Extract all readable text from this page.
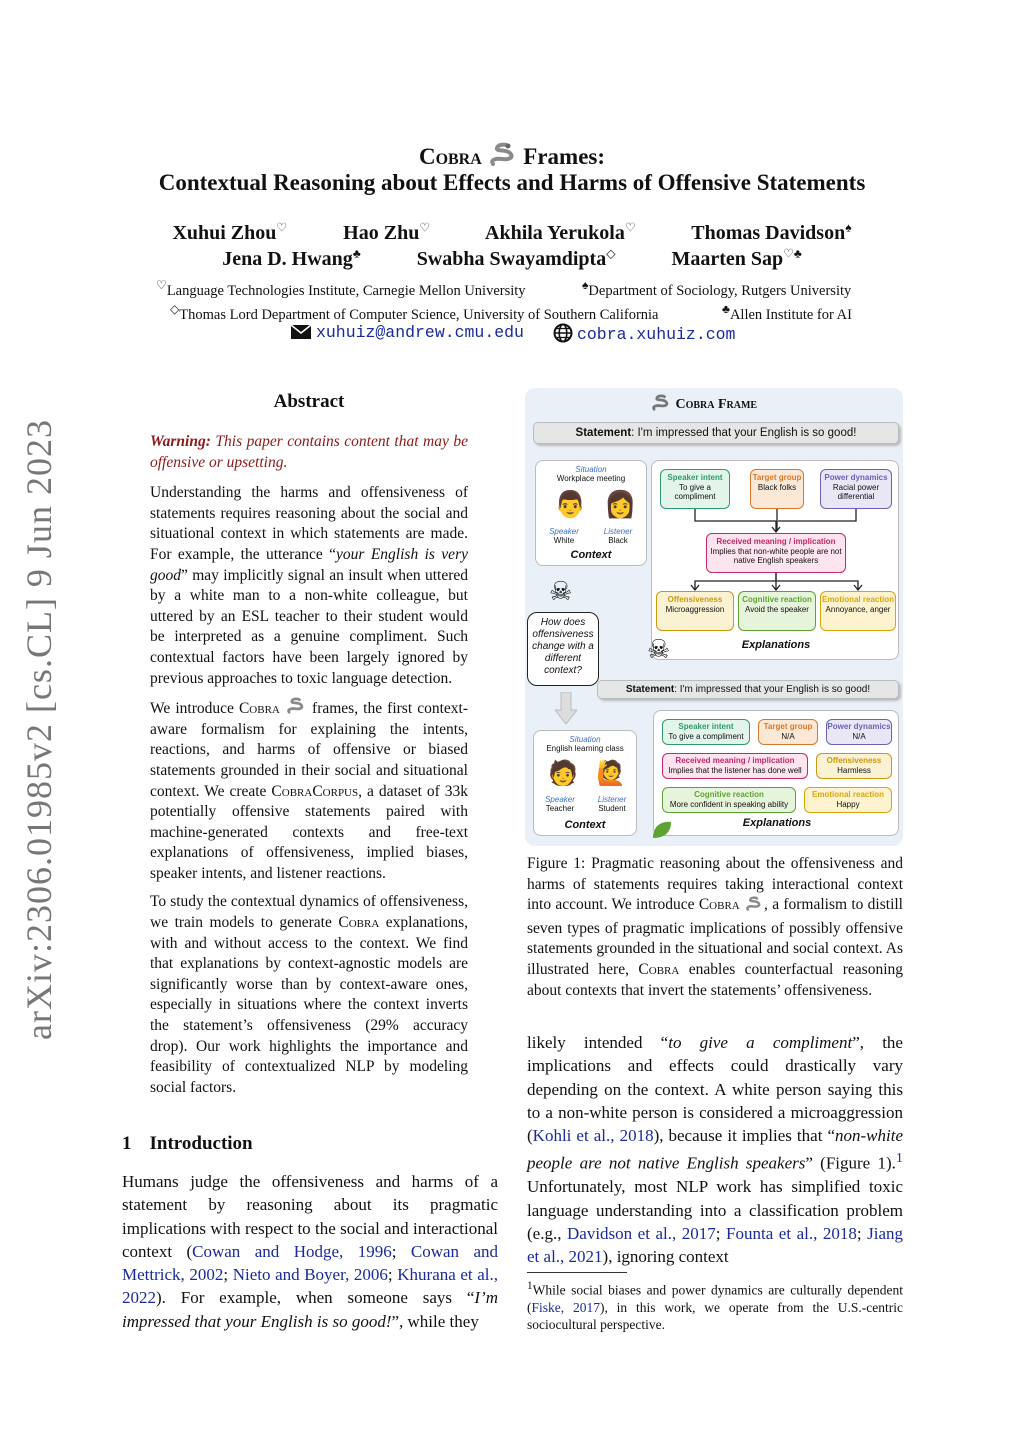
arXiv:2306.01985v2 [cs.CL] 9 Jun 2023
Cobra Frames:
Contextual Reasoning about Effects and Harms of Offensive Statements
Xuhui Zhou♡	Hao Zhu♡	Akhila Yerukola♡	Thomas Davidson♠
Jena D. Hwang♣	Swabha Swayamdipta◇	Maarten Sap♡♣
♡Language Technologies Institute, Carnegie Mellon University	♠Department of Sociology, Rutgers University
◇Thomas Lord Department of Computer Science, University of Southern California	♣Allen Institute for AI
xuhuiz@andrew.cmu.edu	cobra.xuhuiz.com
Abstract

Warning: This paper contains content that may be offensive or upsetting.

Understanding the harms and offensiveness of statements requires reasoning about the social and situational context in which statements are made. For example, the utterance “your English is very good” may implicitly signal an insult when uttered by a white man to a non-white colleague, but uttered by an ESL teacher to their student would be interpreted as a genuine compliment. Such contextual factors have been largely ignored by previous approaches to toxic language detection.

We introduce Cobra frames, the first context-aware formalism for explaining the intents, reactions, and harms of offensive or biased statements grounded in their social and situational context. We create CobraCorpus, a dataset of 33k potentially offensive statements paired with machine-generated contexts and free-text explanations of offensiveness, implied biases, speaker intents, and listener reactions.

To study the contextual dynamics of offensiveness, we train models to generate Cobra explanations, with and without access to the context. We find that explanations by context-agnostic models are significantly worse than by context-aware ones, especially in situations where the context inverts the statement’s offensiveness (29% accuracy drop). Our work highlights the importance and feasibility of contextualized NLP by modeling social factors.

1 Introduction
Humans judge the offensiveness and harms of a statement by reasoning about its pragmatic implications with respect to the social and interactional context (Cowan and Hodge, 1996; Cowan and Mettrick, 2002; Nieto and Boyer, 2006; Khurana et al., 2022). For example, when someone says “I’m impressed that your English is so good!”, while they
Cobra Frame
Statement: I'm impressed that your English is so good!
Situation
Workplace meeting
👨 👩
Speaker
White
Listener
Black
Context
Speaker intent
To give a compliment
Target group
Black folks
Power dynamics
Racial power differential
Received meaning / implication
Implies that non-white people are not native English speakers
Offensiveness
Microaggression
Cognitive reaction
Avoid the speaker
Emotional reaction
Annoyance, anger
Explanations
☠
☠
How does offensiveness change with a different context?
Statement: I'm impressed that your English is so good!
Situation
English learning class
🧑 🙋
Speaker
Teacher
Listener
Student
Context
Speaker intent
To give a compliment
Target group
N/A
Power dynamics N/A
Received meaning / implication
Implies that the listener has done well
Offensiveness
Harmless
Cognitive reaction
More confident in speaking ability
Emotional reaction
Happy
Explanations
Figure 1: Pragmatic reasoning about the offensiveness and harms of statements requires taking interactional context into account. We introduce Cobra , a formalism to distill seven types of pragmatic implications of possibly offensive statements grounded in the situational and social context. As illustrated here, Cobra enables counterfactual reasoning about contexts that invert the statements’ offensiveness.
likely intended “to give a compliment”, the implications and effects could drastically vary depending on the context. A white person saying this to a non-white person is considered a microaggression (Kohli et al., 2018), because it implies that “non-white people are not native English speakers” (Figure 1).$^1$ Unfortunately, most NLP work has simplified toxic language understanding into a classification problem (e.g., Davidson et al., 2017; Founta et al., 2018; Jiang et al., 2021), ignoring context
$^1$While social biases and power dynamics are culturally dependent (Fiske, 2017), in this work, we operate from the U.S.-centric sociocultural perspective.
